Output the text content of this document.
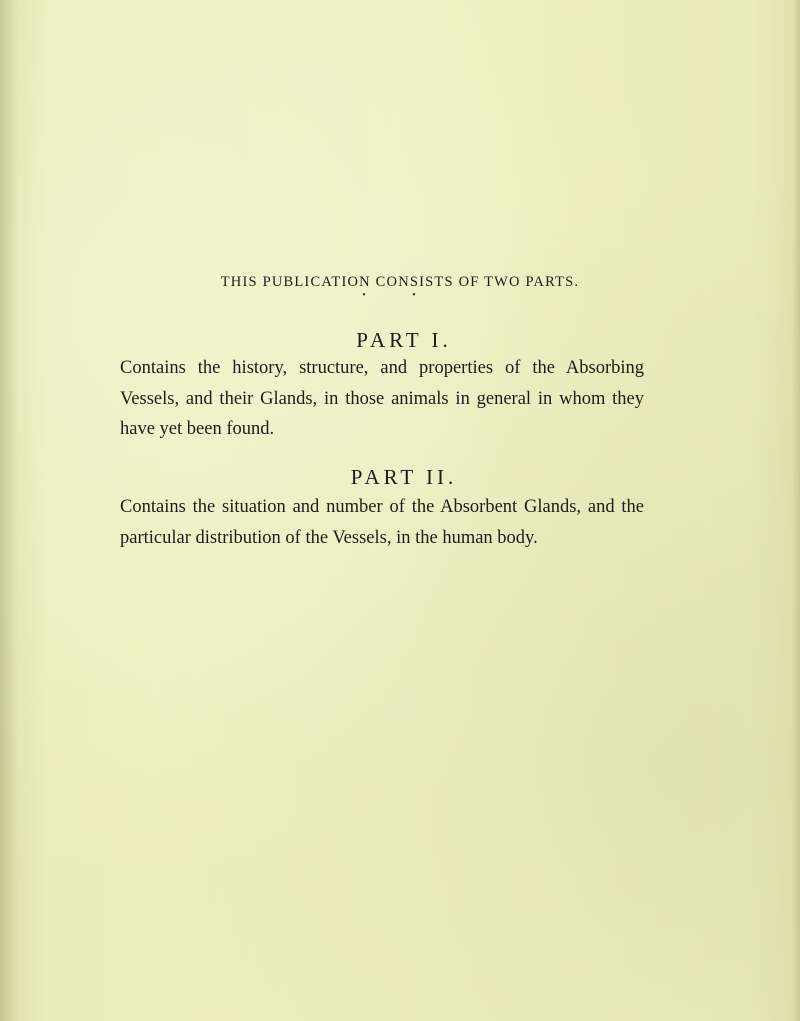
THIS PUBLICATION CONSISTS OF TWO PARTS.
• •
PART I.
Contains the history, structure, and properties of the Absorbing Vessels, and their Glands, in those animals in general in whom they have yet been found.
PART II.
Contains the situation and number of the Absorbent Glands, and the particular distribution of the Vessels, in the human body.
